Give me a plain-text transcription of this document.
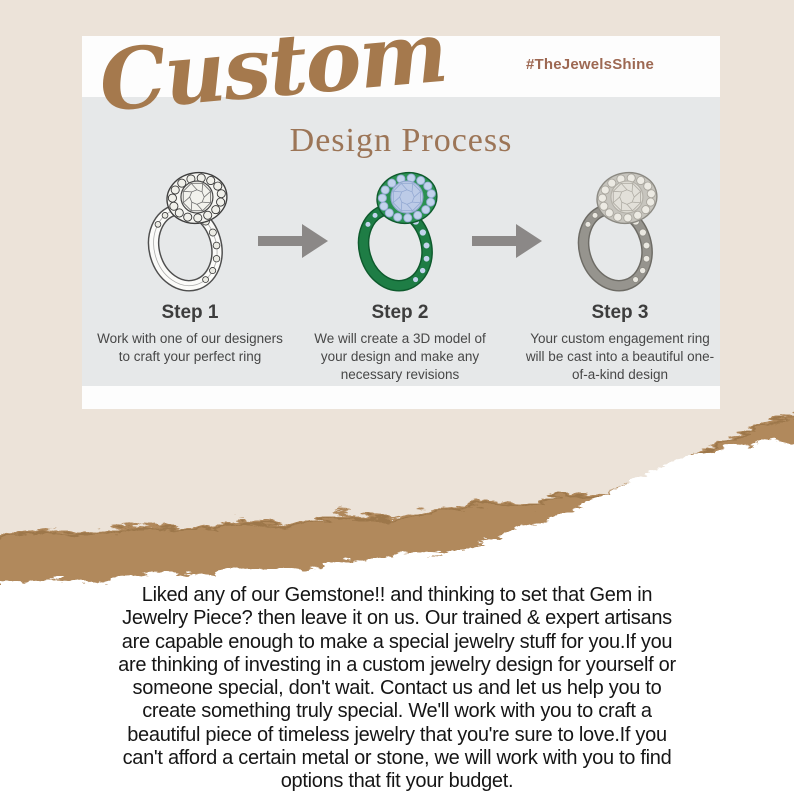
Custom	#TheJewelsShine
Design Process
Step 1
Work with one of our designers to craft your perfect ring
Step 2
We will create a 3D model of your design and make any necessary revisions
Step 3
Your custom engagement ring will be cast into a beautiful one-of-a-kind design
Liked any of our Gemstone!! and thinking to set that Gem in
Jewelry Piece? then leave it on us. Our trained & expert artisans
are capable enough to make a special jewelry stuff for you.If you
are thinking of investing in a custom jewelry design for yourself or
someone special, don't wait. Contact us and let us help you to
create something truly special. We'll work with you to craft a
beautiful piece of timeless jewelry that you're sure to love.If you
can't afford a certain metal or stone, we will work with you to find
options that fit your budget.
